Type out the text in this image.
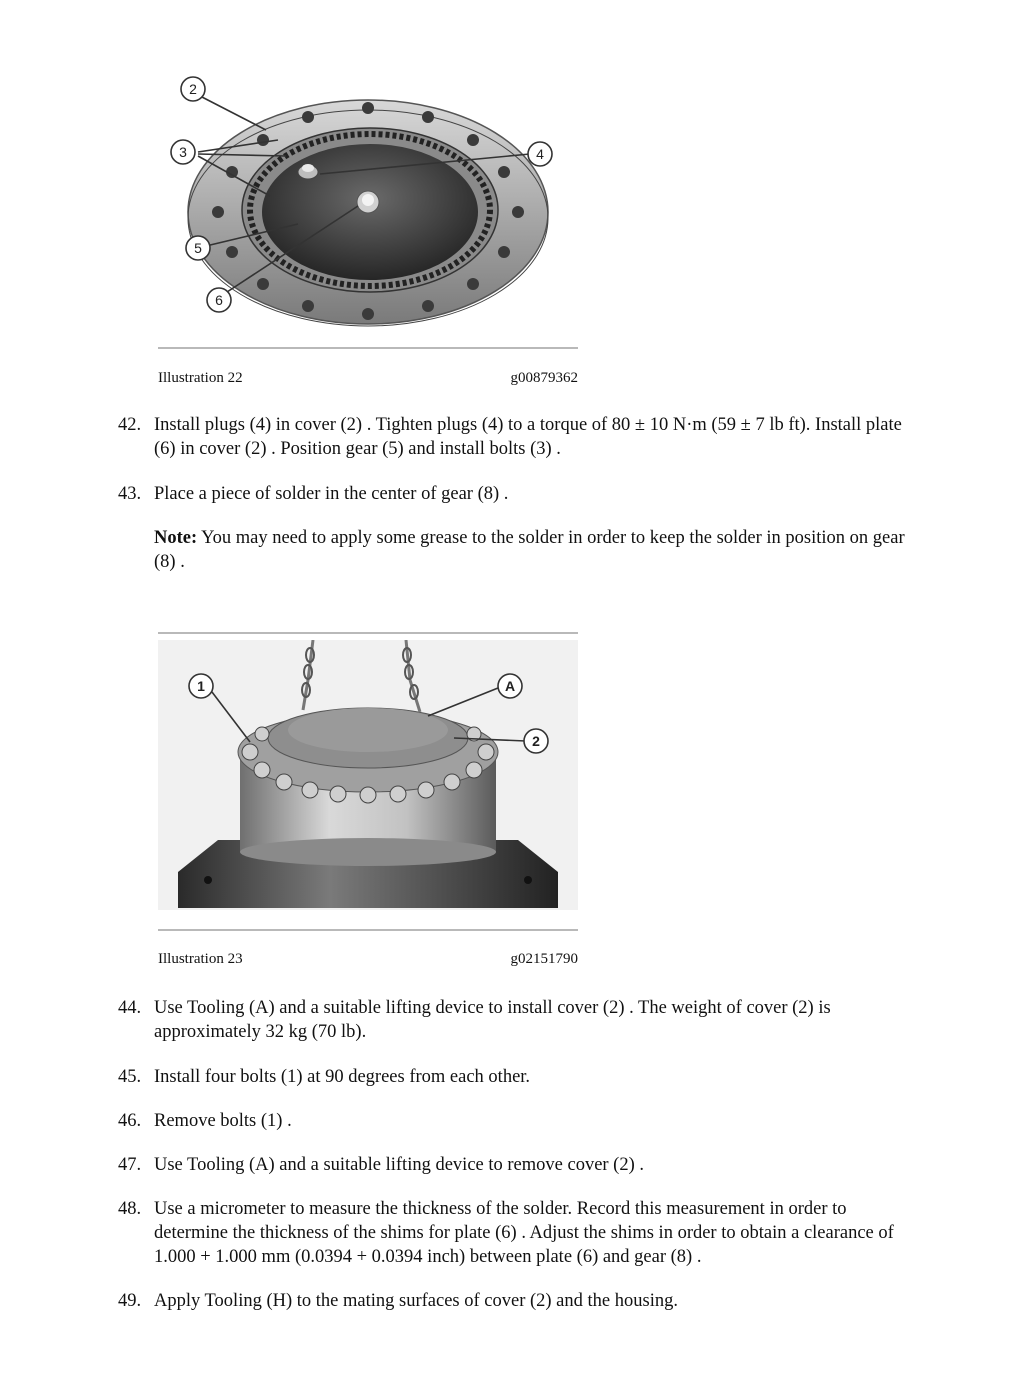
2
3	4
5
6
Illustration 22	g00879362
42. Install plugs (4) in cover (2) . Tighten plugs (4) to a torque of 80 ± 10 N·m (59 ± 7 lb ft). Install plate (6) in cover (2) . Position gear (5) and install bolts (3) .
43. Place a piece of solder in the center of gear (8) .
Note: You may need to apply some grease to the solder in order to keep the solder in position on gear (8) .
1	A
2
Illustration 23	g02151790
44. Use Tooling (A) and a suitable lifting device to install cover (2) . The weight of cover (2) is approximately 32 kg (70 lb).
45. Install four bolts (1) at 90 degrees from each other.
46. Remove bolts (1) .
47. Use Tooling (A) and a suitable lifting device to remove cover (2) .
48. Use a micrometer to measure the thickness of the solder. Record this measurement in order to determine the thickness of the shims for plate (6) . Adjust the shims in order to obtain a clearance of 1.000 + 1.000 mm (0.0394 + 0.0394 inch) between plate (6) and gear (8) .
49. Apply Tooling (H) to the mating surfaces of cover (2) and the housing.
